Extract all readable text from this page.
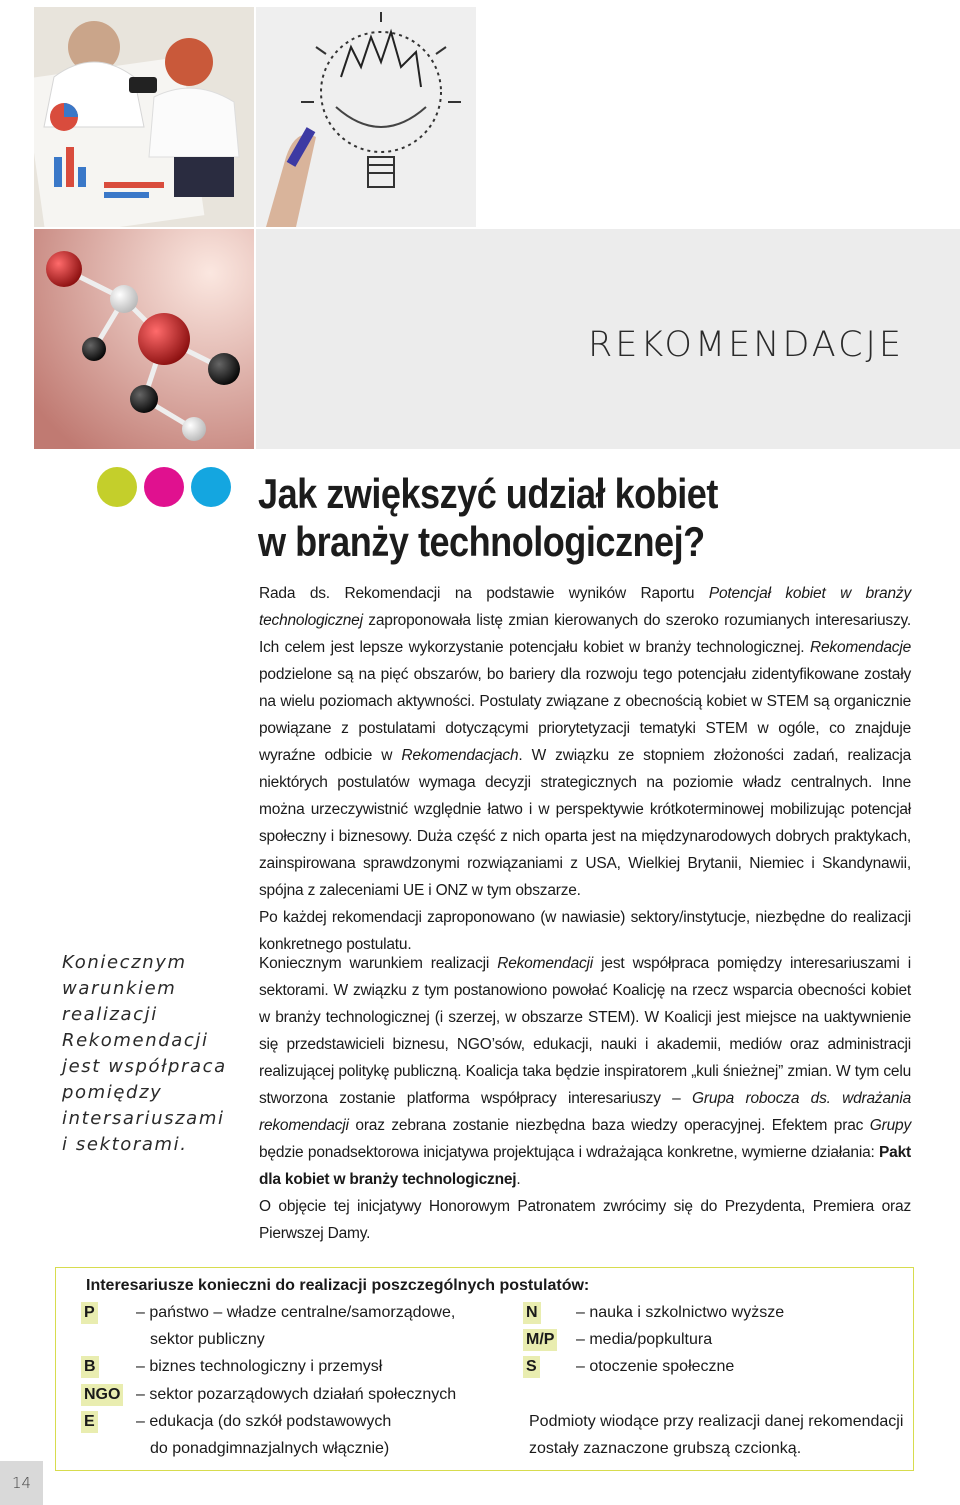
REKOMENDACJE
Jak zwiększyć udział kobiet
w branży technologicznej?

Rada ds. Rekomendacji na podstawie wyników Raportu Potencjał kobiet w branży technologicznej zaproponowała listę zmian kierowanych do szeroko rozumianych interesariuszy. Ich celem jest lepsze wykorzystanie potencjału kobiet w branży technologicznej. Rekomendacje podzielone są na pięć obszarów, bo bariery dla rozwoju tego potencjału zidentyfikowane zostały na wielu poziomach aktywności. Postulaty związane z obecnością kobiet w STEM są organicznie powiązane z postulatami dotyczącymi priorytetyzacji tematyki STEM w ogóle, co znajduje wyraźne odbicie w Rekomendacjach. W związku ze stopniem złożoności zadań, realizacja niektórych postulatów wymaga decyzji strategicznych na poziomie władz centralnych. Inne można urzeczywistnić względnie łatwo i w perspektywie krótkoterminowej mobilizując potencjał społeczny i biznesowy. Duża część z nich oparta jest na międzynarodowych dobrych praktykach, zainspirowana sprawdzonymi rozwiązaniami z USA, Wielkiej Brytanii, Niemiec i Skandynawii, spójna z zaleceniami UE i ONZ w tym obszarze.

Po każdej rekomendacji zaproponowano (w nawiasie) sektory/instytucje, niezbędne do realizacji konkretnego postulatu.

Koniecznym warunkiem realizacji Rekomendacji jest współpraca pomiędzy intersariuszami i sektorami.

Koniecznym warunkiem realizacji Rekomendacji jest współpraca pomiędzy interesariuszami i sektorami. W związku z tym postanowiono powołać Koalicję na rzecz wsparcia obecności kobiet w branży technologicznej (i szerzej, w obszarze STEM). W Koalicji jest miejsce na uaktywnienie się przedstawicieli biznesu, NGO’sów, edukacji, nauki i akademii, mediów oraz administracji realizującej politykę publiczną. Koalicja taka będzie inspiratorem „kuli śnieżnej” zmian. W tym celu stworzona zostanie platforma współpracy interesariuszy – Grupa robocza ds. wdrażania rekomendacji oraz zebrana zostanie niezbędna baza wiedzy operacyjnej. Efektem prac Grupy będzie ponadsektorowa inicjatywa projektująca i wdrażająca konkretne, wymierne działania: Pakt dla kobiet w branży technologicznej.

O objęcie tej inicjatywy Honorowym Patronatem zwrócimy się do Prezydenta, Premiera oraz Pierwszej Damy.

Interesariusze konieczni do realizacji poszczególnych postulatów:

P	– państwo – władze centralne/samorządowe,
sektor publiczny
B	– biznes technologiczny i przemysł
NGO – sektor pozarządowych działań społecznych
E	– edukacja (do szkół podstawowych
do ponadgimnazjalnych włącznie)
N – nauka i szkolnictwo wyższe
M/P – media/popkultura
S – otoczenie społeczne
Podmioty wiodące przy realizacji danej rekomendacji
zostały zaznaczone grubszą czcionką.
14
